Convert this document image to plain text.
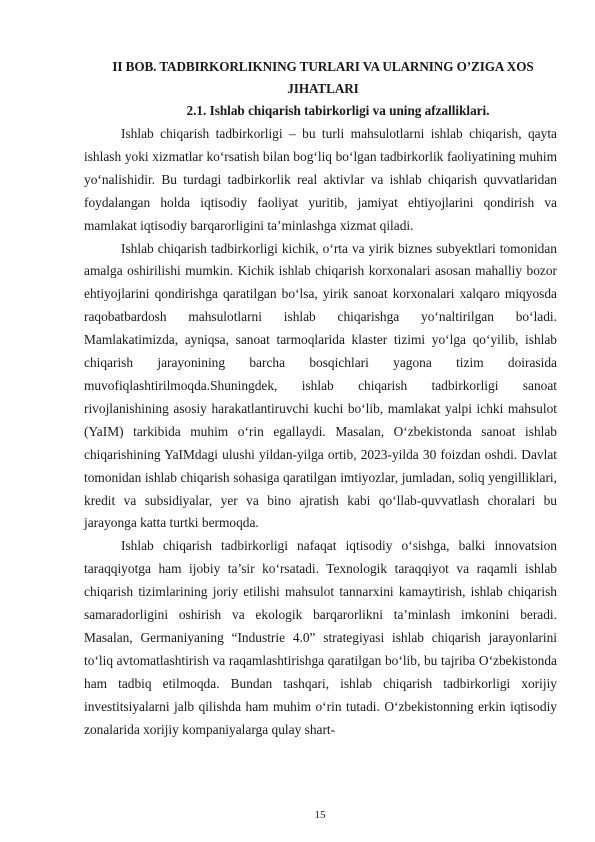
II BOB. TADBIRKORLIKNING TURLARI VA ULARNING O’ZIGA XOS JIHATLARI
2.1. Ishlab chiqarish tabirkorligi va uning afzalliklari.

Ishlab chiqarish tadbirkorligi – bu turli mahsulotlarni ishlab chiqarish, qayta ishlash yoki xizmatlar ko‘rsatish bilan bog‘liq bo‘lgan tadbirkorlik faoliyatining muhim yo‘nalishidir. Bu turdagi tadbirkorlik real aktivlar va ishlab chiqarish quvvatlaridan foydalangan holda iqtisodiy faoliyat yuritib, jamiyat ehtiyojlarini qondirish va mamlakat iqtisodiy barqarorligini ta’minlashga xizmat qiladi.

Ishlab chiqarish tadbirkorligi kichik, o‘rta va yirik biznes subyektlari tomonidan amalga oshirilishi mumkin. Kichik ishlab chiqarish korxonalari asosan mahalliy bozor ehtiyojlarini qondirishga qaratilgan bo‘lsa, yirik sanoat korxonalari xalqaro miqyosda raqobatbardosh mahsulotlarni ishlab chiqarishga yo‘naltirilgan bo‘ladi. Mamlakatimizda, ayniqsa, sanoat tarmoqlarida klaster tizimi yo‘lga qo‘yilib, ishlab chiqarish jarayonining barcha bosqichlari yagona tizim doirasida muvofiqlashtirilmoqda.Shuningdek, ishlab chiqarish tadbirkorligi sanoat rivojlanishining asosiy harakatlantiruvchi kuchi bo‘lib, mamlakat yalpi ichki mahsulot (YaIM) tarkibida muhim o‘rin egallaydi. Masalan, O‘zbekistonda sanoat ishlab chiqarishining YaIMdagi ulushi yildan-yilga ortib, 2023-yilda 30 foizdan oshdi. Davlat tomonidan ishlab chiqarish sohasiga qaratilgan imtiyozlar, jumladan, soliq yengilliklari, kredit va subsidiyalar, yer va bino ajratish kabi qo‘llab-quvvatlash choralari bu jarayonga katta turtki bermoqda.

Ishlab chiqarish tadbirkorligi nafaqat iqtisodiy o‘sishga, balki innovatsion taraqqiyotga ham ijobiy ta’sir ko‘rsatadi. Texnologik taraqqiyot va raqamli ishlab chiqarish tizimlarining joriy etilishi mahsulot tannarxini kamaytirish, ishlab chiqarish samaradorligini oshirish va ekologik barqarorlikni ta’minlash imkonini beradi. Masalan, Germaniyaning “Industrie 4.0” strategiyasi ishlab chiqarish jarayonlarini to‘liq avtomatlashtirish va raqamlashtirishga qaratilgan bo‘lib, bu tajriba O‘zbekistonda ham tadbiq etilmoqda. Bundan tashqari, ishlab chiqarish tadbirkorligi xorijiy investitsiyalarni jalb qilishda ham muhim o‘rin tutadi. O‘zbekistonning erkin iqtisodiy zonalarida xorijiy kompaniyalarga qulay shart-

15
